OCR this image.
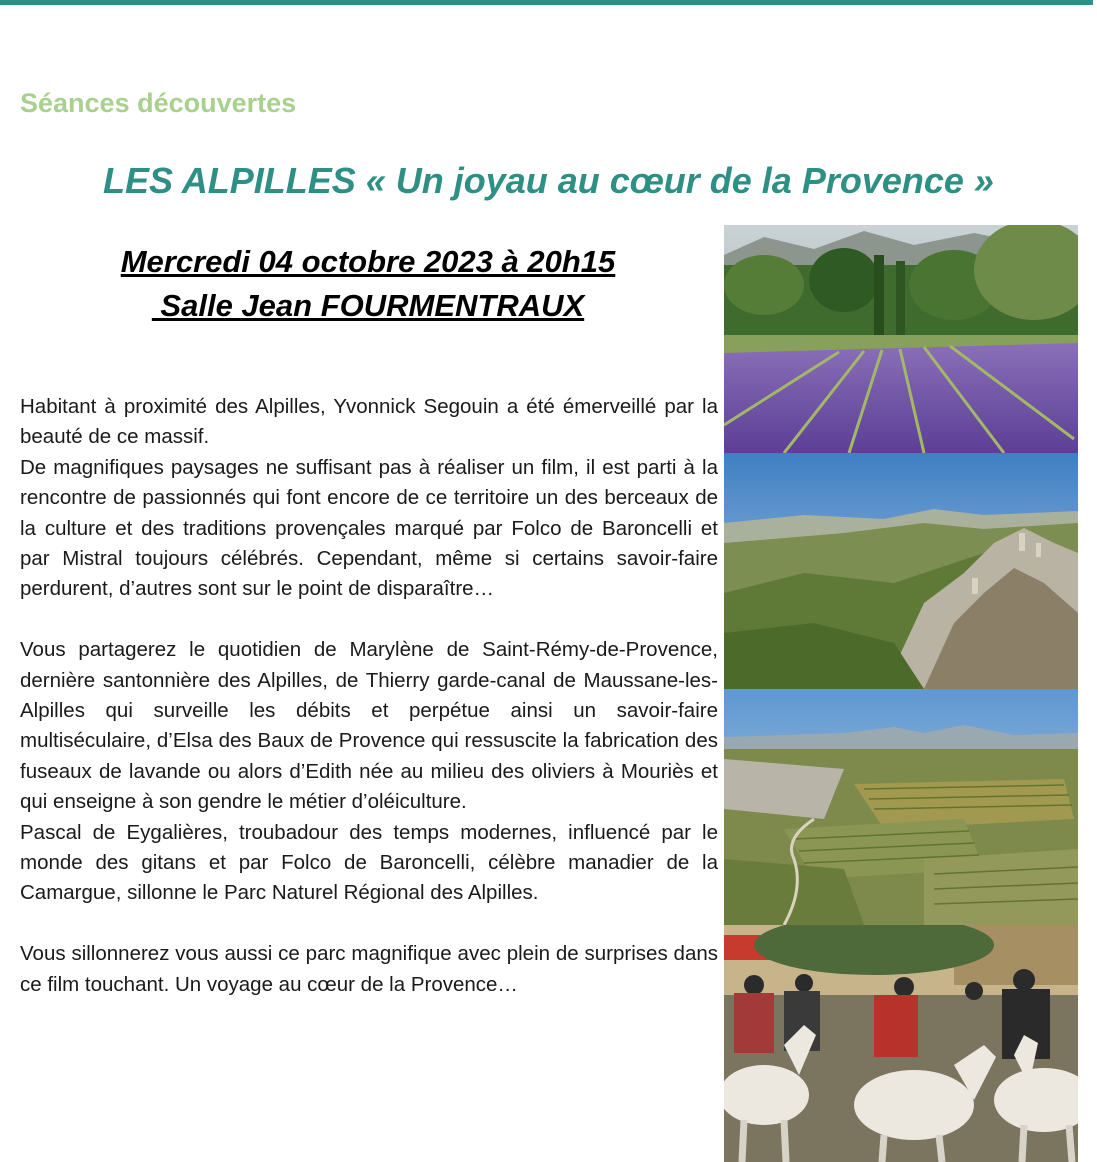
Séances découvertes
LES ALPILLES « Un joyau au cœur de la Provence »
Mercredi 04 octobre 2023 à 20h15
Salle Jean FOURMENTRAUX

Habitant à proximité des Alpilles, Yvonnick Segouin a été émerveillé par la beauté de ce massif.

De magnifiques paysages ne suffisant pas à réaliser un film, il est parti à la rencontre de passionnés qui font encore de ce territoire un des berceaux de la culture et des traditions provençales marqué par Folco de Baroncelli et par Mistral toujours célébrés. Cependant, même si certains savoir-faire perdurent, d’autres sont sur le point de disparaître…

Vous partagerez le quotidien de Marylène de Saint-Rémy-de-Provence, dernière santonnière des Alpilles, de Thierry garde-canal de Maussane-les-Alpilles qui surveille les débits et perpétue ainsi un savoir-faire multiséculaire, d’Elsa des Baux de Provence qui ressuscite la fabrication des fuseaux de lavande ou alors d’Edith née au milieu des oliviers à Mouriès et qui enseigne à son gendre le métier d’oléiculture.

Pascal de Eygalières, troubadour des temps modernes, influencé par le monde des gitans et par Folco de Baroncelli, célèbre manadier de la Camargue, sillonne le Parc Naturel Régional des Alpilles.

Vous sillonnerez vous aussi ce parc magnifique avec plein de surprises dans ce film touchant. Un voyage au cœur de la Provence…
